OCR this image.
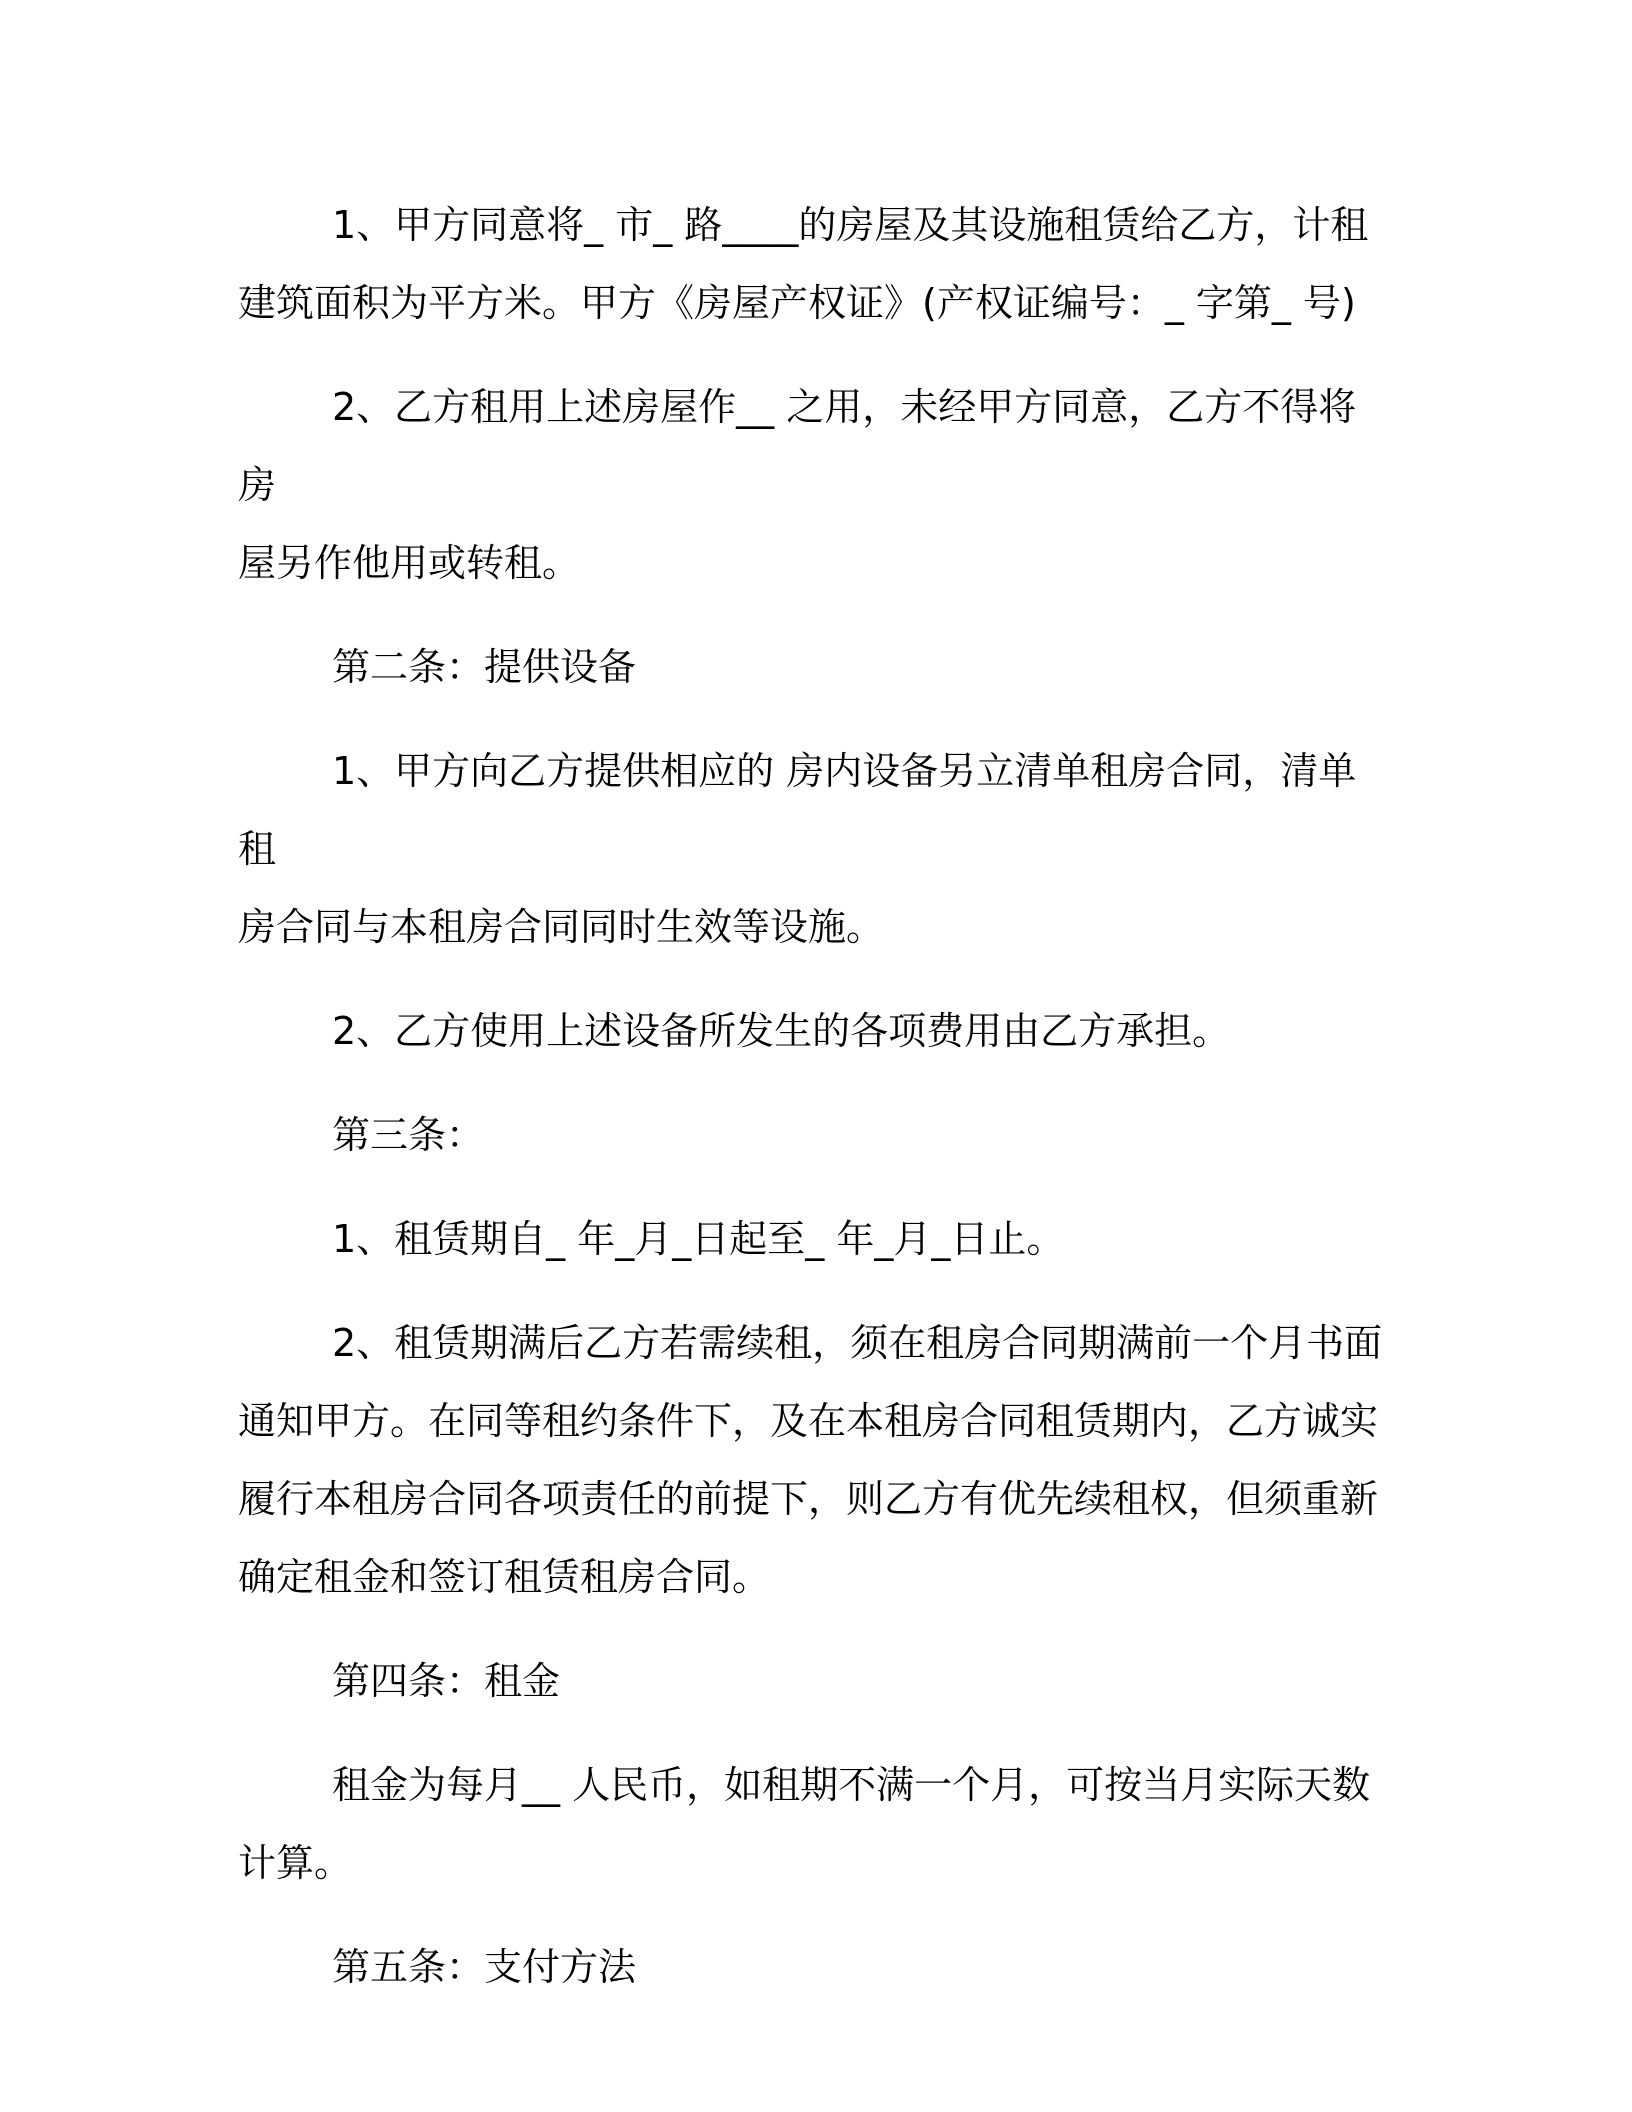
1、甲方同意将_ 市_ 路____的房屋及其设施租赁给乙方，计租
建筑面积为平方米。甲方《房屋产权证》(产权证编号：_ 字第_ 号)
2、乙方租用上述房屋作__ 之用，未经甲方同意，乙方不得将房
屋另作他用或转租。
第二条：提供设备
1、甲方向乙方提供相应的 房内设备另立清单租房合同，清单租
房合同与本租房合同同时生效等设施。
2、乙方使用上述设备所发生的各项费用由乙方承担。
第三条：
1、租赁期自_ 年_月_日起至_ 年_月_日止。
2、租赁期满后乙方若需续租，须在租房合同期满前一个月书面
通知甲方。在同等租约条件下，及在本租房合同租赁期内，乙方诚实
履行本租房合同各项责任的前提下，则乙方有优先续租权，但须重新
确定租金和签订租赁租房合同。
第四条：租金
租金为每月__ 人民币，如租期不满一个月，可按当月实际天数
计算。
第五条：支付方法
